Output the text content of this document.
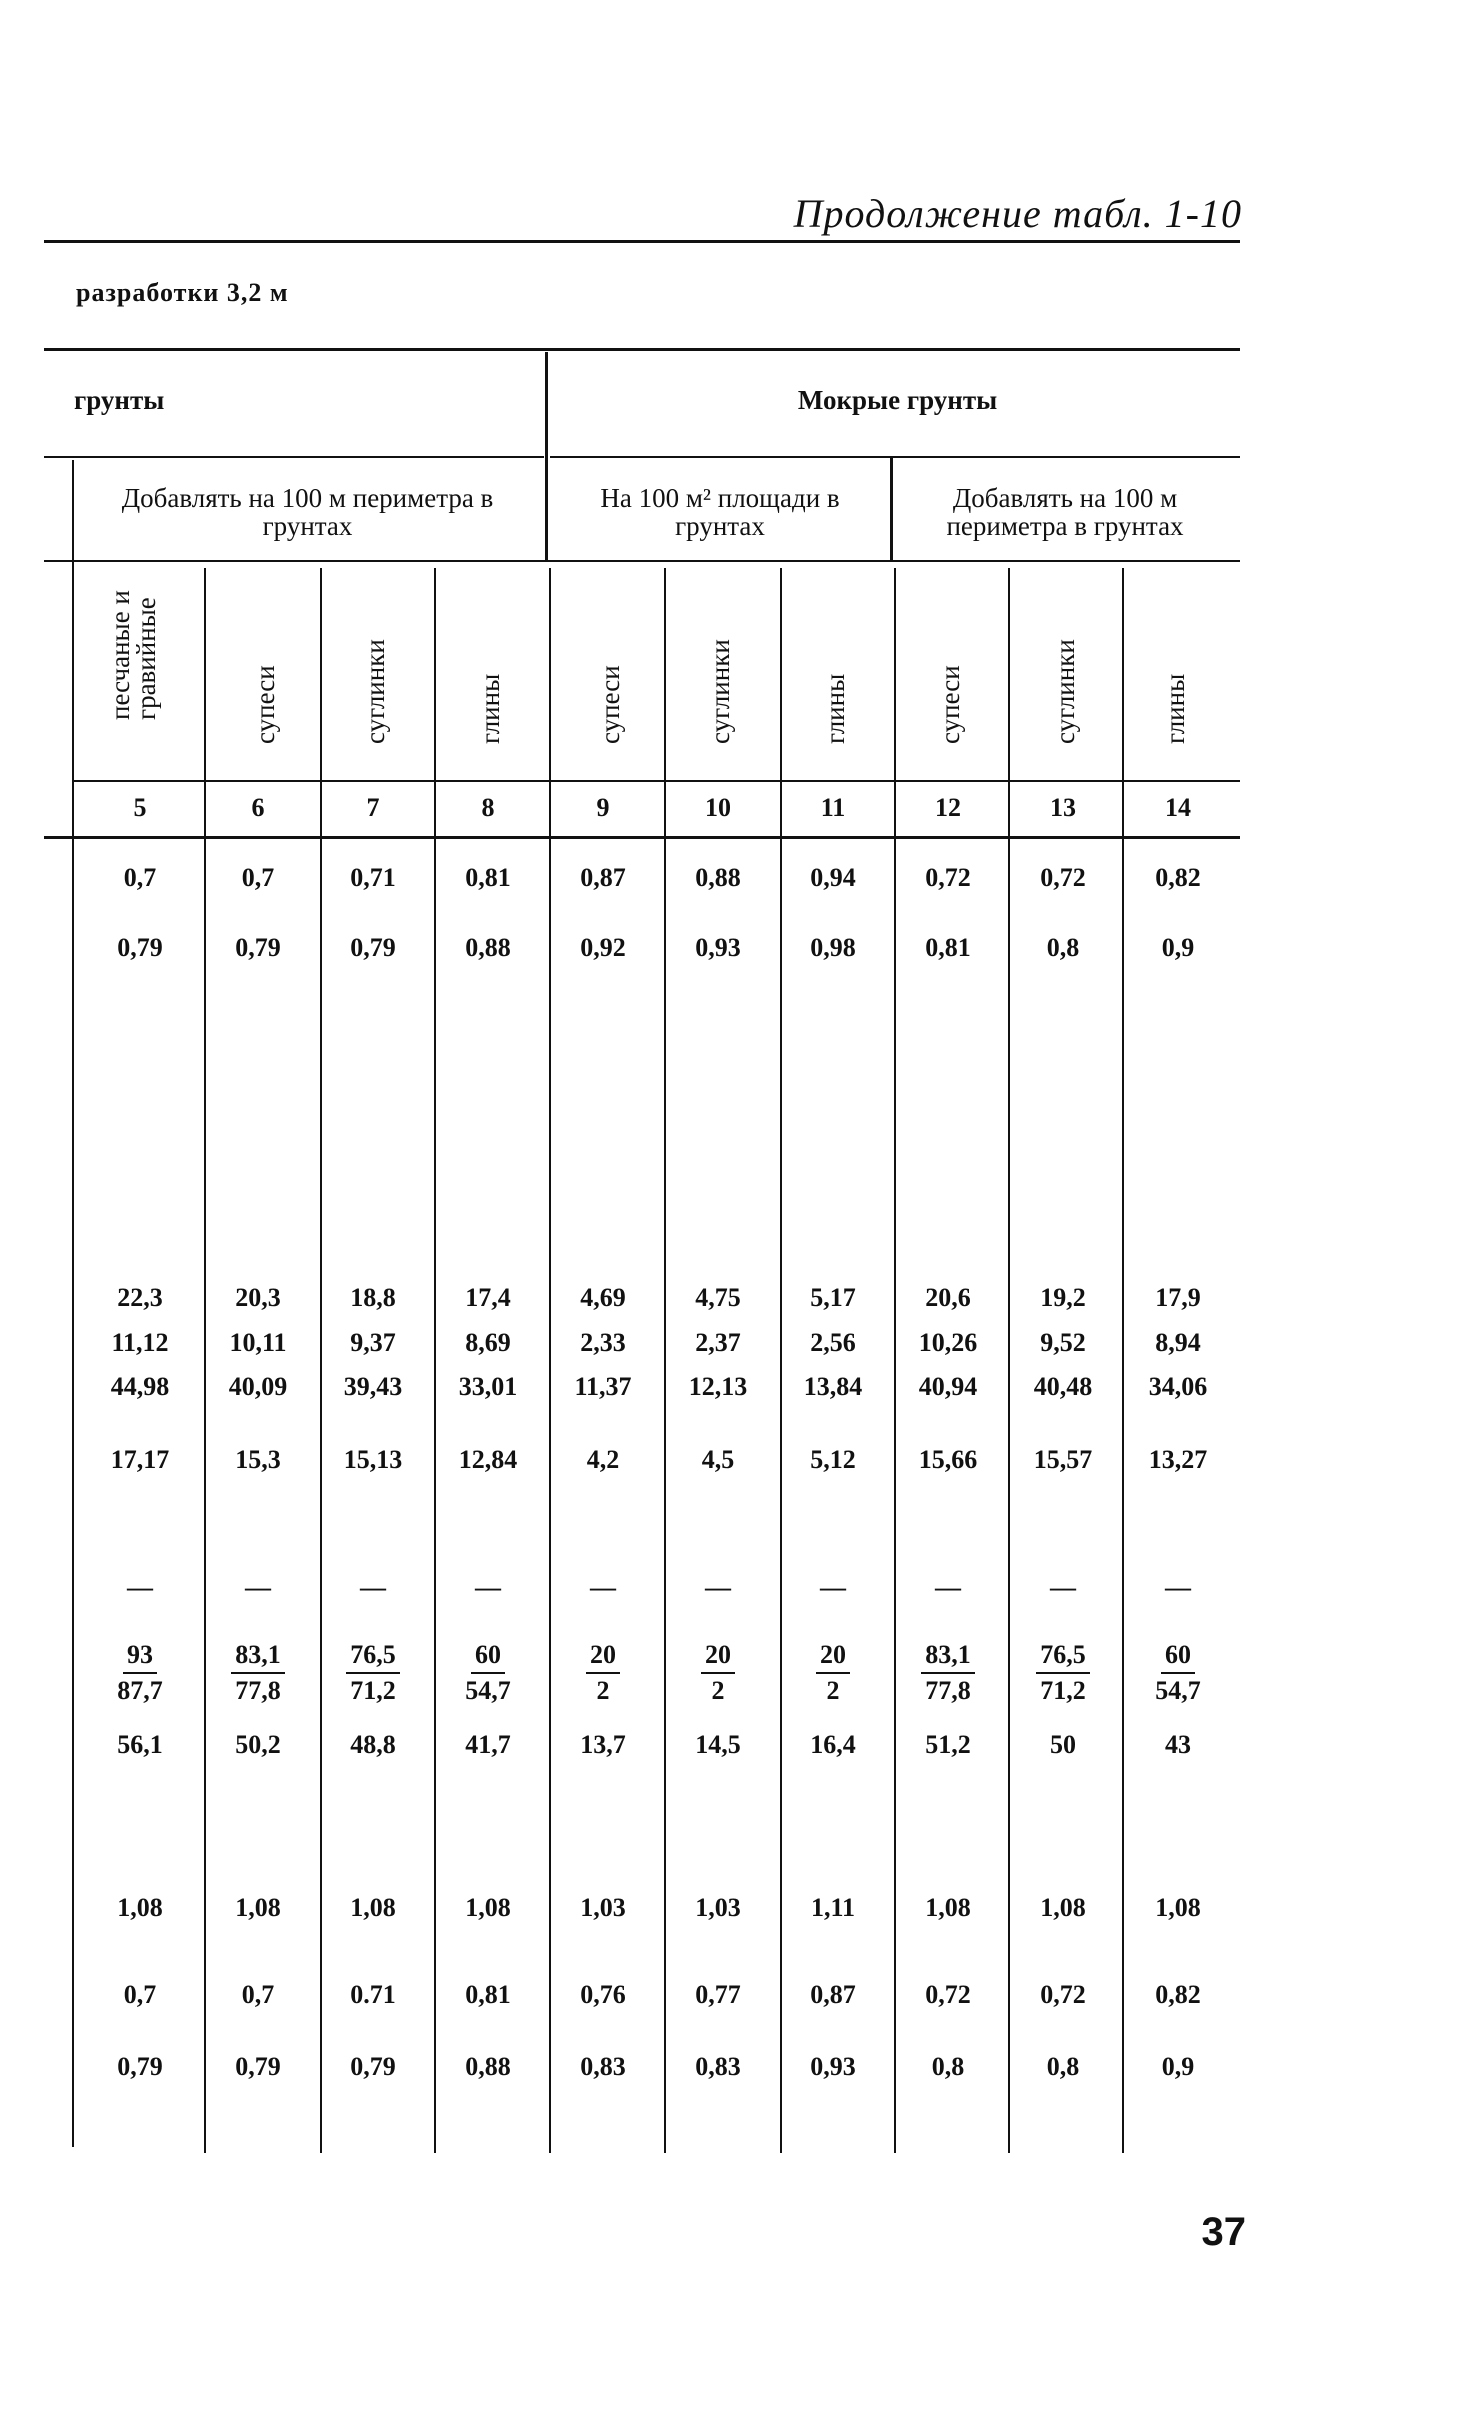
Продолжение табл. 1-10
разработки 3,2 м
грунты	Мокрые грунты
Добавлять на 100 м периметра в грунтах
На 100 м² площади в грунтах
Добавлять на 100 м периметра в грунтах
песчаные и гравийные	супеси	суглинки	глины	супеси	суглинки	глины	супеси	суглинки	глины
5	6	7	8	9	10	11	12	13	14
0,7	0,7	0,71	0,81	0,87	0,88	0,94	0,72	0,72	0,82
0,79	0,79	0,79	0,88	0,92	0,93	0,98	0,81	0,8	0,9
22,3	20,3	18,8	17,4	4,69	4,75	5,17	20,6	19,2	17,9
11,12	10,11	9,37	8,69	2,33	2,37	2,56	10,26	9,52	8,94
44,98	40,09	39,43	33,01	11,37	12,13	13,84	40,94	40,48	34,06
17,17	15,3	15,13	12,84	4,2	4,5	5,12	15,66	15,57	13,27
—	—	—	—	—	—	—	—	—	—
$\frac{93}{87,7} \frac{83,1}{77,8} \frac{76,5}{71,2} \frac{60}{54,7} \frac{20}{2} \frac{20}{2} \frac{20}{2} \frac{83,1}{77,8} \frac{76,5}{71,2} \frac{60}{54,7}$
56,1	50,2	48,8	41,7	13,7	14,5	16,4	51,2	50	43
1,08	1,08	1,08	1,08	1,03	1,03	1,11	1,08	1,08	1,08
0,7	0,7	0.71	0,81	0,76	0,77	0,87	0,72	0,72	0,82
0,79	0,79	0,79	0,88	0,83	0,83	0,93	0,8	0,8	0,9
37
